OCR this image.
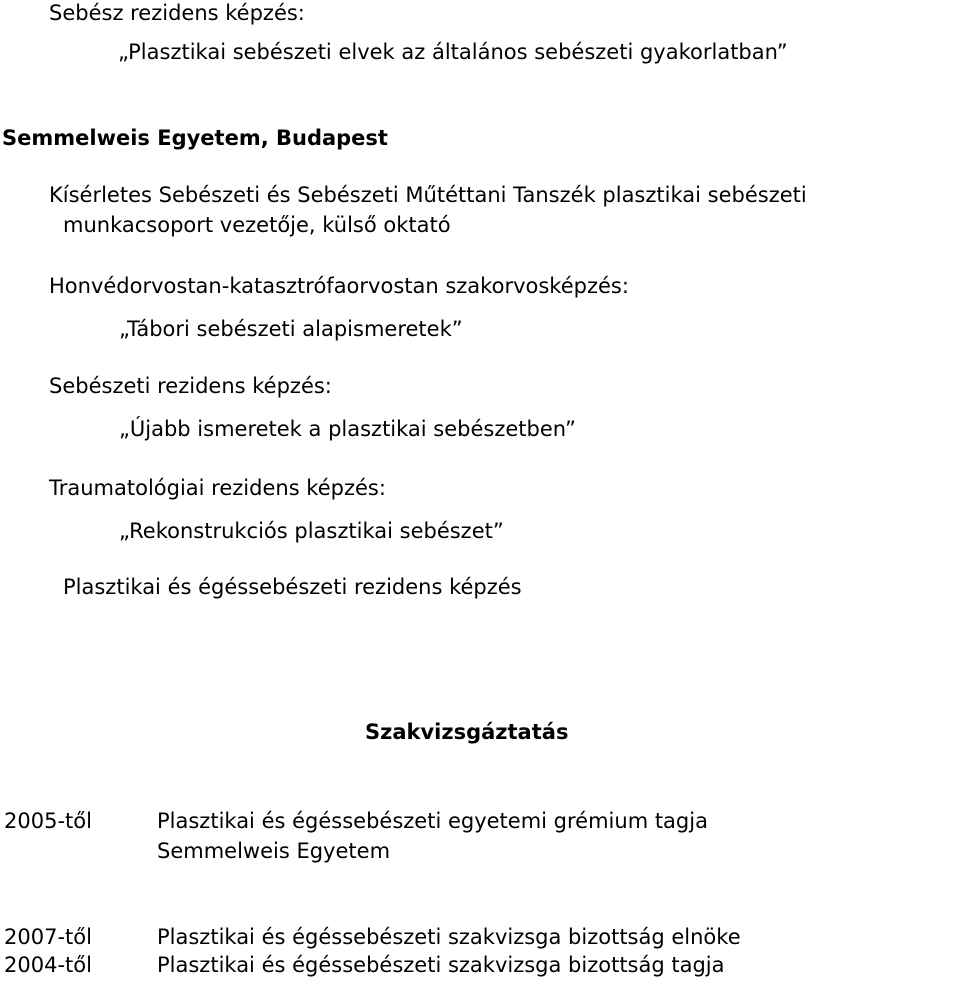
Sebész rezidens képzés:
„Plasztikai sebészeti elvek az általános sebészeti gyakorlatban”
Semmelweis Egyetem, Budapest
Kísérletes Sebészeti és Sebészeti Műtéttani Tanszék plasztikai sebészeti
munkacsoport vezetője, külső oktató
Honvédorvostan-katasztrófaorvostan szakorvosképzés:
„Tábori sebészeti alapismeretek”
Sebészeti rezidens képzés:
„Újabb ismeretek a plasztikai sebészetben”
Traumatológiai rezidens képzés:
„Rekonstrukciós plasztikai sebészet”
Plasztikai és égéssebészeti rezidens képzés
Szakvizsgáztatás
2005-től	Plasztikai és égéssebészeti egyetemi grémium tagja
Semmelweis Egyetem
2007-től	Plasztikai és égéssebészeti szakvizsga bizottság elnöke
2004-től	Plasztikai és égéssebészeti szakvizsga bizottság tagja
